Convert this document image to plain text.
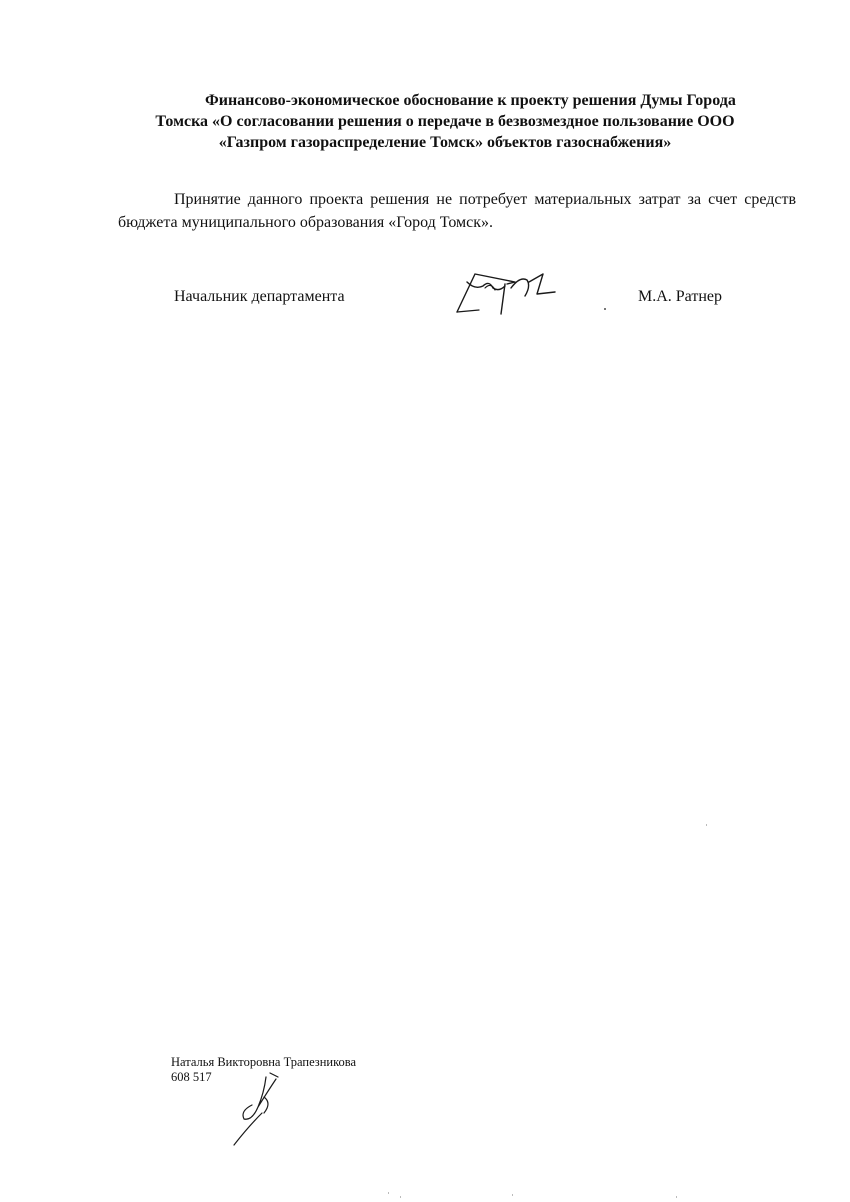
Финансово-экономическое обоснование к проекту решения Думы Города
Томска «О согласовании решения о передаче в безвозмездное пользование ООО
«Газпром газораспределение Томск» объектов газоснабжения»

Принятие данного проекта решения не потребует материальных затрат за счет средств бюджета муниципального образования «Город Томск».

Начальник департамента	М.А. Ратнер
Наталья Викторовна Трапезникова
608 517
